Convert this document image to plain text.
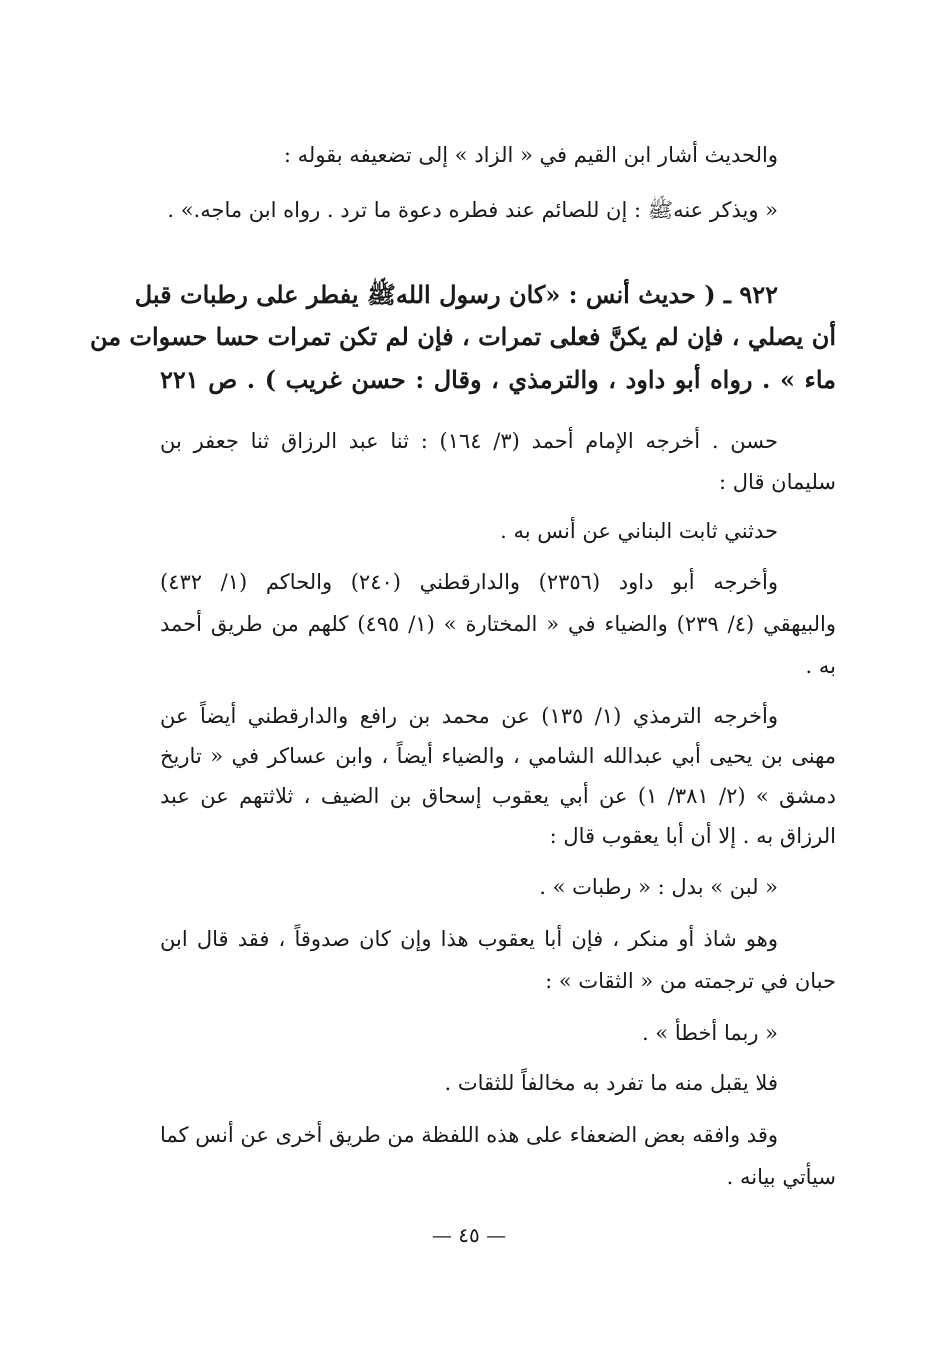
والحديث أشار ابن القيم في « الزاد » إلى تضعيفه بقوله :
« ويذكر عنهﷺ : إن للصائم عند فطره دعوة ما ترد . رواه ابن ماجه.» .
٩٢٢ ـ ( حديث أنس : «كان رسول اللهﷺ يفطر على رطبات قبل
أن يصلي ، فإن لم يكنَّ فعلى تمرات ، فإن لم تكن تمرات حسا حسوات من
ماء » . رواه أبو داود ، والترمذي ، وقال : حسن غريب ) . ص ٢٢١
حسن . أخرجه الإمام أحمد (٣/ ١٦٤) : ثنا عبد الرزاق ثنا جعفر بن
سليمان قال :
حدثني ثابت البناني عن أنس به .
وأخرجه أبو داود (٢٣٥٦) والدارقطني (٢٤٠) والحاكم (١/ ٤٣٢)
والبيهقي (٤/ ٢٣٩) والضياء في « المختارة » (١/ ٤٩٥) كلهم من طريق أحمد
به .
وأخرجه الترمذي (١/ ١٣٥) عن محمد بن رافع والدارقطني أيضاً عن
مهنى بن يحيى أبي عبدالله الشامي ، والضياء أيضاً ، وابن عساكر في « تاريخ
دمشق » (٢/ ٣٨١/ ١) عن أبي يعقوب إسحاق بن الضيف ، ثلاثتهم عن عبد
الرزاق به . إلا أن أبا يعقوب قال :
« لبن » بدل : « رطبات » .
وهو شاذ أو منكر ، فإن أبا يعقوب هذا وإن كان صدوقاً ، فقد قال ابن
حبان في ترجمته من « الثقات » :
« ربما أخطأ » .
فلا يقبل منه ما تفرد به مخالفاً للثقات .
وقد وافقه بعض الضعفاء على هذه اللفظة من طريق أخرى عن أنس كما
سيأتي بيانه .
— ٤٥ —
